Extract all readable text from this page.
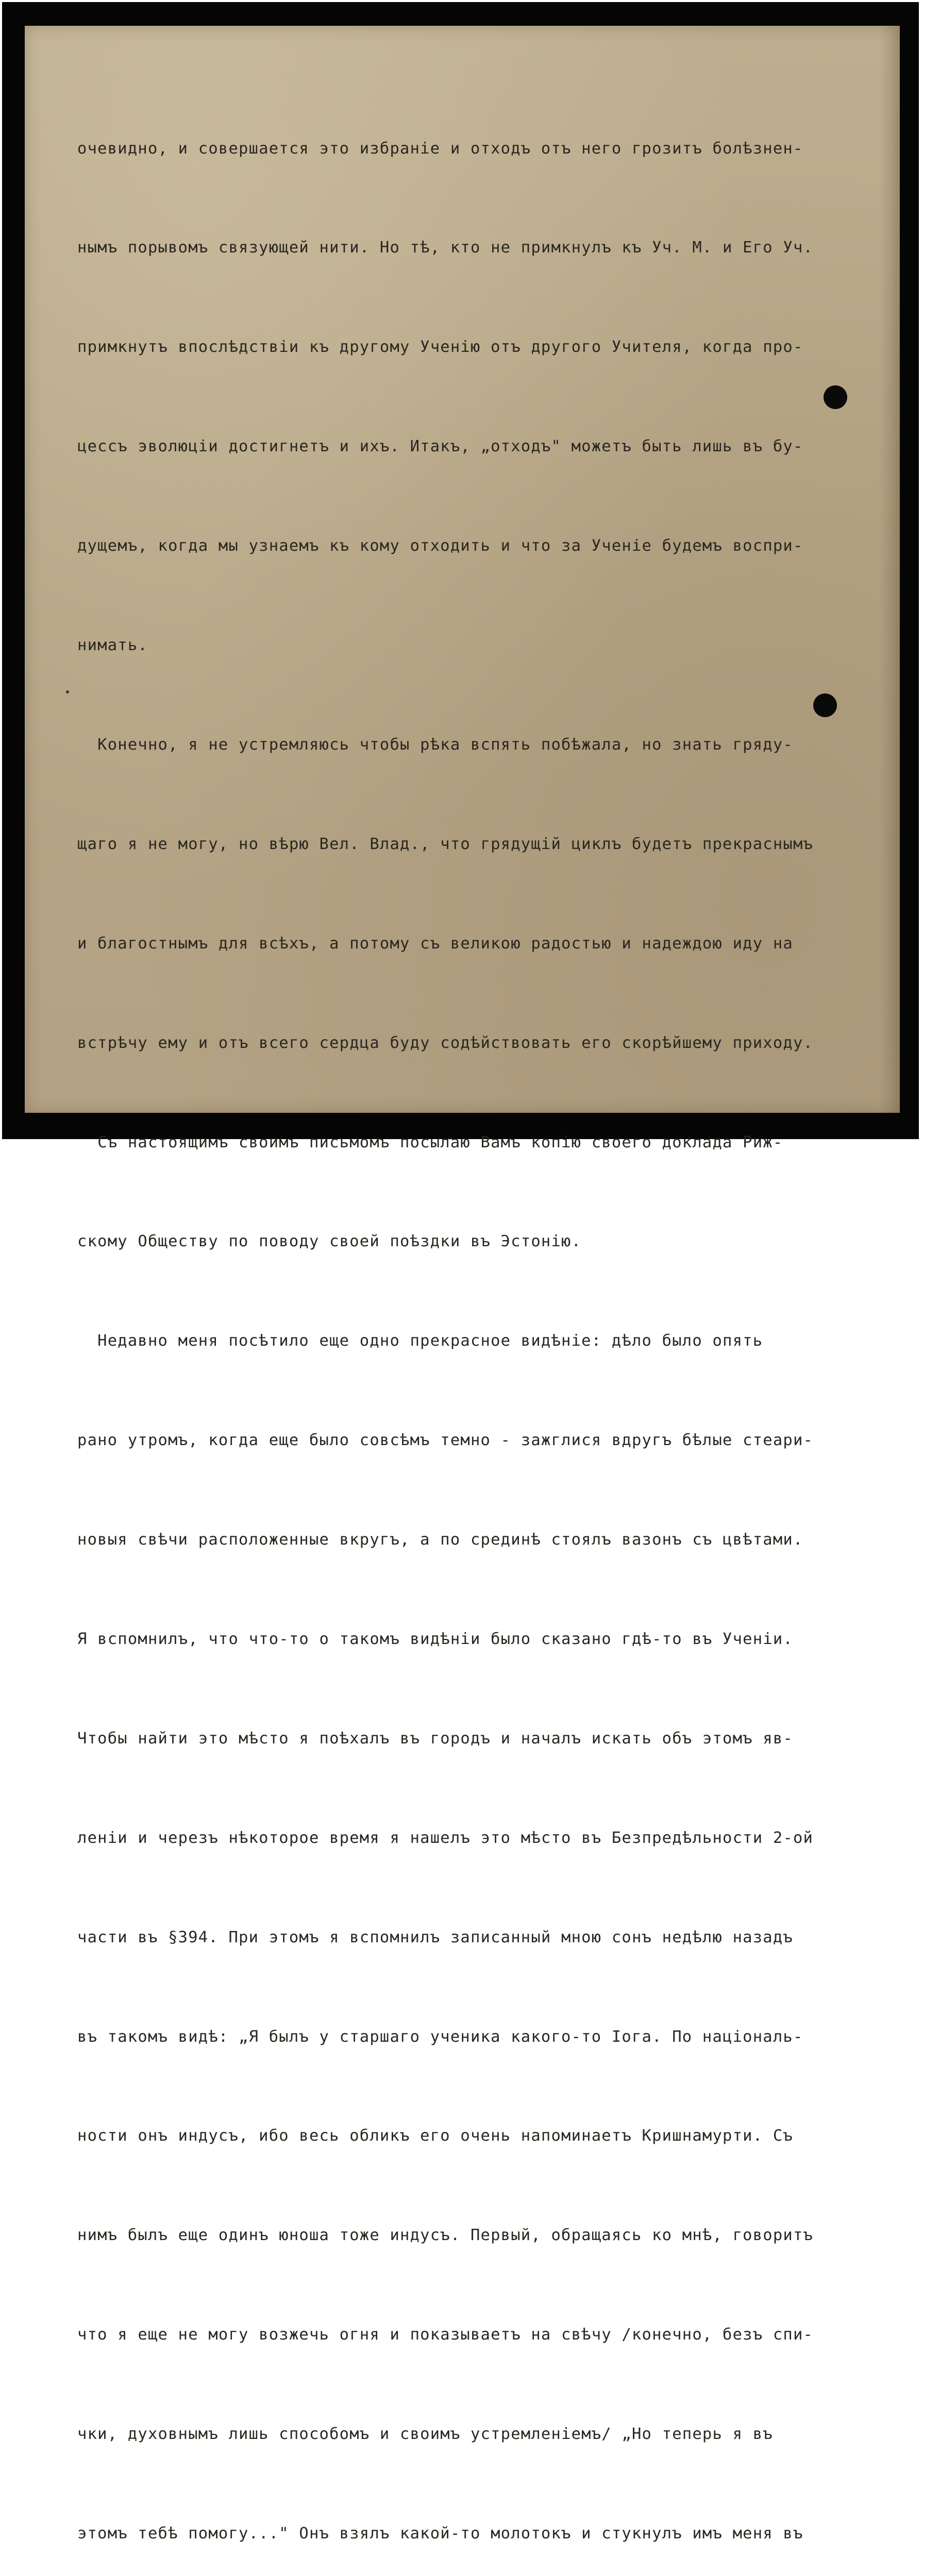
очевидно, и совершается это избраніе и отходъ отъ него грозитъ болѣзнен-

нымъ порывомъ связующей нити. Но тѣ, кто не примкнулъ къ Уч. М. и Его Уч.

примкнутъ впослѣдствіи къ другому Ученію отъ другого Учителя, когда про-

цессъ эволюціи достигнетъ и ихъ. Итакъ, „отходъ" можетъ быть лишь въ бу-

дущемъ, когда мы узнаемъ къ кому отходить и что за Ученіе будемъ воспри-

нимать.

Конечно, я не устремляюсь чтобы рѣка вспять побѣжала, но знать гряду-

щаго я не могу, но вѣрю Вел. Влад., что грядущій циклъ будетъ прекраснымъ

и благостнымъ для всѣхъ, а потому съ великою радостью и надеждою иду на

встрѣчу ему и отъ всего сердца буду содѣйствовать его скорѣйшему приходу.

Съ настоящимъ своимъ письмомъ посылаю Вамъ копію своего доклада Риж-

скому Обществу по поводу своей поѣздки въ Эстонію.

Недавно меня посѣтило еще одно прекрасное видѣніе: дѣло было опять

рано утромъ, когда еще было совсѣмъ темно - зажглися вдругъ бѣлые стеари-

новыя свѣчи расположенные вкругъ, а по срединѣ стоялъ вазонъ съ цвѣтами.

Я вспомнилъ, что что-то о такомъ видѣніи было сказано гдѣ-то въ Ученіи.

Чтобы найти это мѣсто я поѣхалъ въ городъ и началъ искать объ этомъ яв-

леніи и черезъ нѣкоторое время я нашелъ это мѣсто въ Безпредѣльности 2-ой

части въ §394. При этомъ я вспомнилъ записанный мною сонъ недѣлю назадъ

въ такомъ видѣ: „Я былъ у старшаго ученика какого-то Іога. По національ-

ности онъ индусъ, ибо весь обликъ его очень напоминаетъ Кришнамурти. Съ

нимъ былъ еще одинъ юноша тоже индусъ. Первый, обращаясь ко мнѣ, говоритъ

что я еще не могу возжечь огня и показываетъ на свѣчу /конечно, безъ спи-

чки, духовнымъ лишь способомъ и своимъ устремленіемъ/ „Но теперь я въ

этомъ тебѣ помогу..." Онъ взялъ какой-то молотокъ и стукнулъ имъ меня въ
